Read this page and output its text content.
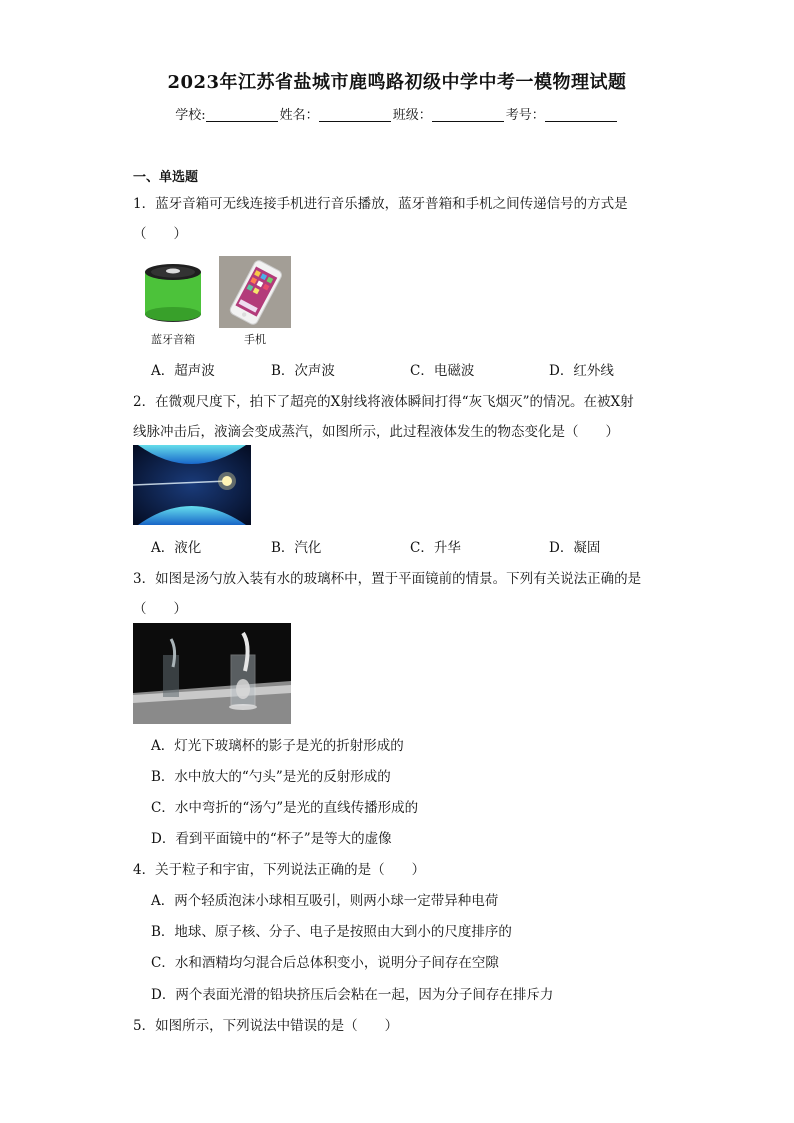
2023年江苏省盐城市鹿鸣路初级中学中考一模物理试题
学校:	姓名：	班级：	考号：
一、单选题
1．蓝牙音箱可无线连接手机进行音乐播放，蓝牙普箱和手机之间传递信号的方式是
（　　）
蓝牙音箱	手机
A．超声波	B．次声波	C．电磁波	D．红外线
2．在微观尺度下，拍下了超亮的X射线将液体瞬间打得“灰飞烟灭”的情况。在被X射
线脉冲击后，液滴会变成蒸汽，如图所示，此过程液体发生的物态变化是（　　）
A．液化	B．汽化	C．升华	D．凝固
3．如图是汤勺放入装有水的玻璃杯中，置于平面镜前的情景。下列有关说法正确的是
（　　）
A．灯光下玻璃杯的影子是光的折射形成的
B．水中放大的“勺头”是光的反射形成的
C．水中弯折的“汤勺”是光的直线传播形成的
D．看到平面镜中的“杯子”是等大的虚像
4．关于粒子和宇宙，下列说法正确的是（　　）
A．两个轻质泡沫小球相互吸引，则两小球一定带异种电荷
B．地球、原子核、分子、电子是按照由大到小的尺度排序的
C．水和酒精均匀混合后总体积变小，说明分子间存在空隙
D．两个表面光滑的铅块挤压后会粘在一起，因为分子间存在排斥力
5．如图所示，下列说法中错误的是（　　）
